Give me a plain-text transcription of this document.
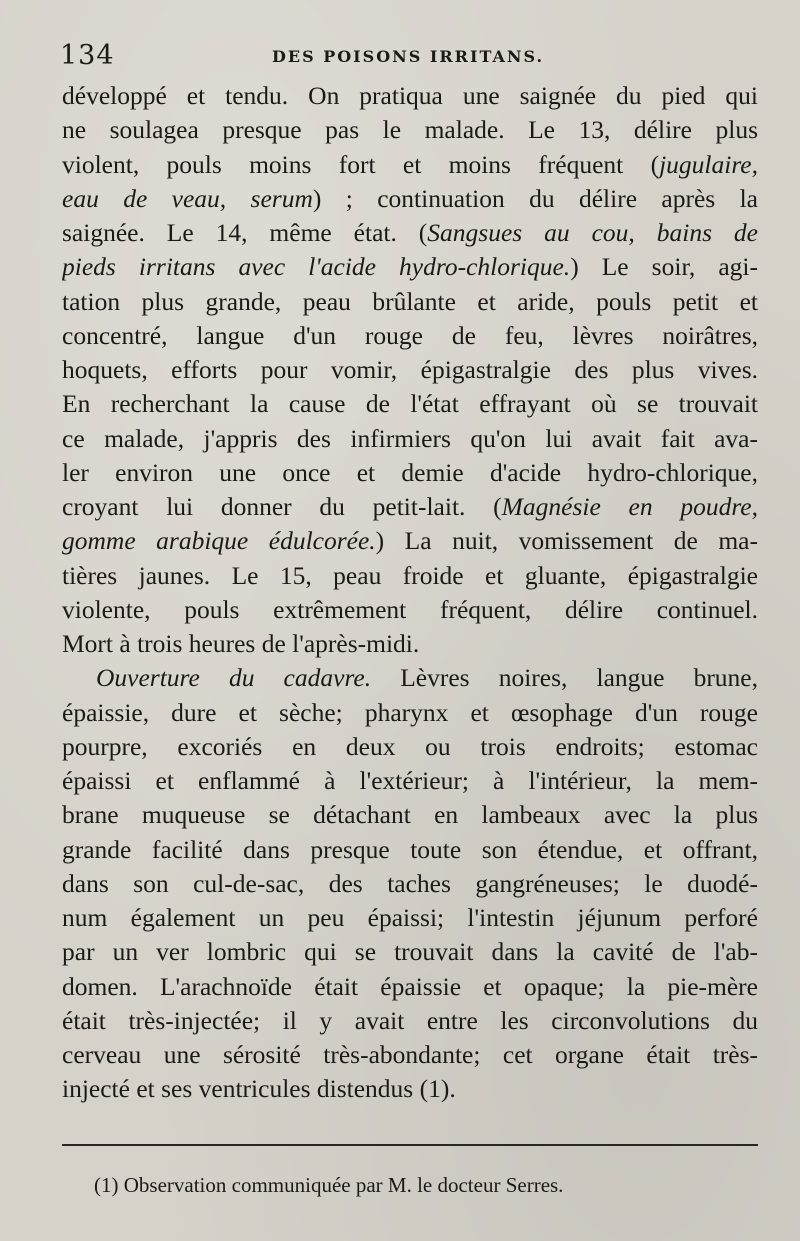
134	DES POISONS IRRITANS.
développé et tendu. On pratiqua une saignée du pied qui
ne soulagea presque pas le malade. Le 13, délire plus
violent, pouls moins fort et moins fréquent (jugulaire,
eau de veau, serum) ; continuation du délire après la
saignée. Le 14, même état. (Sangsues au cou, bains de
pieds irritans avec l'acide hydro-chlorique.) Le soir, agi-
tation plus grande, peau brûlante et aride, pouls petit et
concentré, langue d'un rouge de feu, lèvres noirâtres,
hoquets, efforts pour vomir, épigastralgie des plus vives.
En recherchant la cause de l'état effrayant où se trouvait
ce malade, j'appris des infirmiers qu'on lui avait fait ava-
ler environ une once et demie d'acide hydro-chlorique,
croyant lui donner du petit-lait. (Magnésie en poudre,
gomme arabique édulcorée.) La nuit, vomissement de ma-
tières jaunes. Le 15, peau froide et gluante, épigastralgie
violente, pouls extrêmement fréquent, délire continuel.
Mort à trois heures de l'après-midi.
Ouverture du cadavre. Lèvres noires, langue brune,
épaissie, dure et sèche; pharynx et œsophage d'un rouge
pourpre, excoriés en deux ou trois endroits; estomac
épaissi et enflammé à l'extérieur; à l'intérieur, la mem-
brane muqueuse se détachant en lambeaux avec la plus
grande facilité dans presque toute son étendue, et offrant,
dans son cul-de-sac, des taches gangréneuses; le duodé-
num également un peu épaissi; l'intestin jéjunum perforé
par un ver lombric qui se trouvait dans la cavité de l'ab-
domen. L'arachnoïde était épaissie et opaque; la pie-mère
était très-injectée; il y avait entre les circonvolutions du
cerveau une sérosité très-abondante; cet organe était très-
injecté et ses ventricules distendus (1).
(1) Observation communiquée par M. le docteur Serres.
